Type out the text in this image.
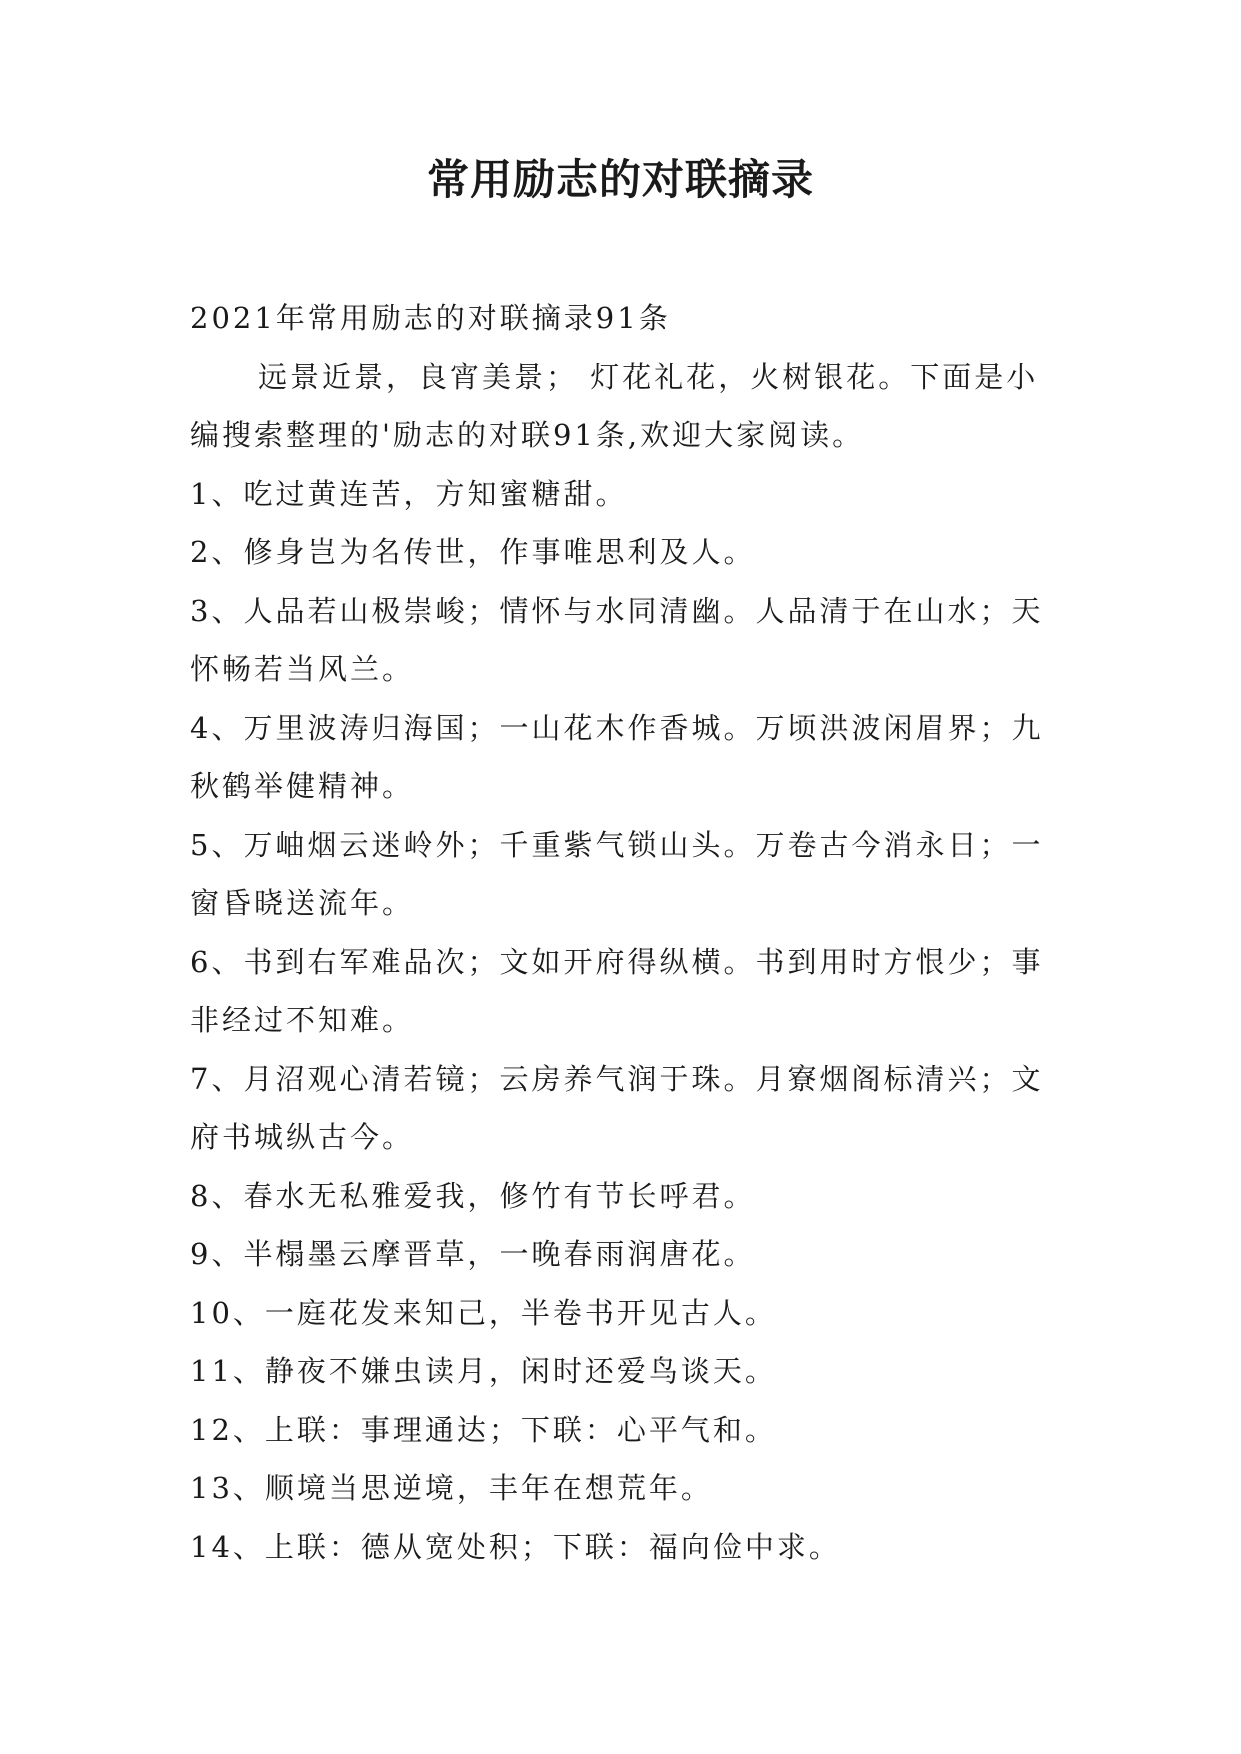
常用励志的对联摘录

2021年常用励志的对联摘录91条

远景近景，良宵美景； 灯花礼花，火树银花。下面是小编搜索整理的'励志的对联91条,欢迎大家阅读。

1、吃过黄连苦，方知蜜糖甜。

2、修身岂为名传世，作事唯思利及人。

3、人品若山极崇峻；情怀与水同清幽。人品清于在山水；天怀畅若当风兰。

4、万里波涛归海国；一山花木作香城。万顷洪波闲眉界；九秋鹤举健精神。

5、万岫烟云迷岭外；千重紫气锁山头。万卷古今消永日；一窗昏晓送流年。

6、书到右军难品次；文如开府得纵横。书到用时方恨少；事非经过不知难。

7、月沼观心清若镜；云房养气润于珠。月寮烟阁标清兴；文府书城纵古今。

8、春水无私雅爱我，修竹有节长呼君。

9、半榻墨云摩晋草，一晚春雨润唐花。

10、一庭花发来知己，半卷书开见古人。

11、静夜不嫌虫读月，闲时还爱鸟谈天。

12、上联：事理通达；下联：心平气和。

13、顺境当思逆境，丰年在想荒年。

14、上联：德从宽处积；下联：福向俭中求。
